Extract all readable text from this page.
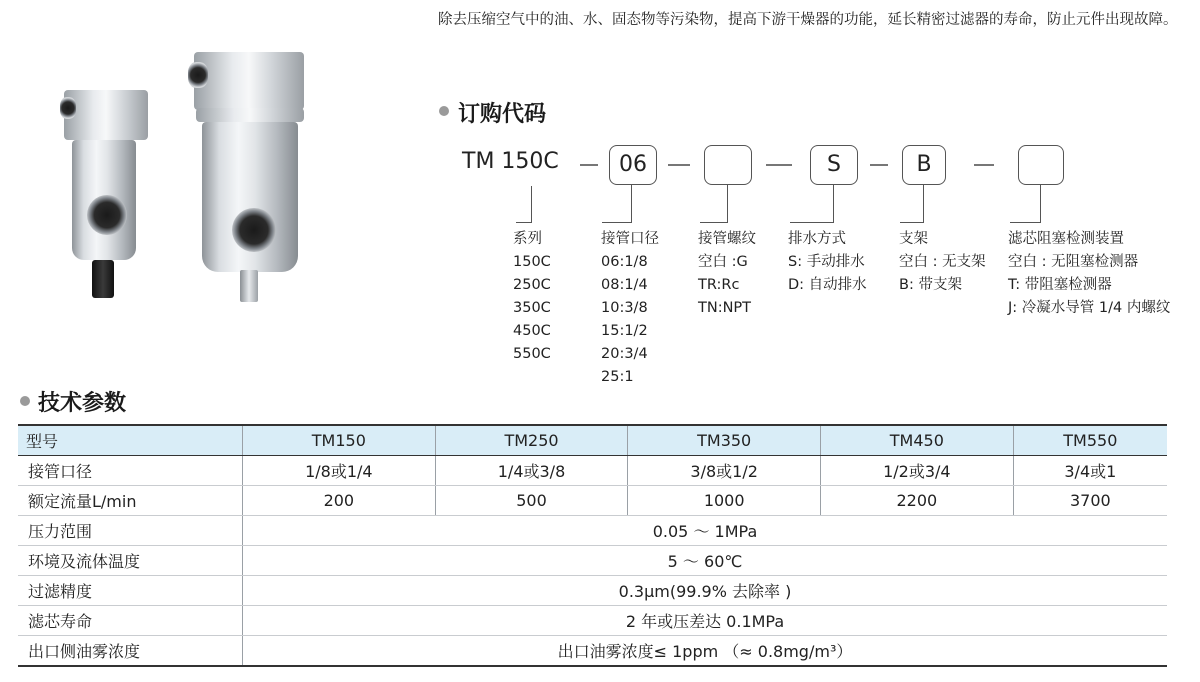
除去压缩空气中的油、水、固态物等污染物，提高下游干燥器的功能，延长精密过滤器的寿命，防止元件出现故障。
订购代码
TM 150C	06	S	B
系列
150C
250C
350C
450C
550C
接管口径
06:1/8
08:1/4
10:3/8
15:1/2
20:3/4
25:1
接管螺纹
空白 :G
TR:Rc
TN:NPT
排水方式
S: 手动排水
D: 自动排水
支架
空白 : 无支架
B: 带支架
滤芯阻塞检测装置
空白 : 无阻塞检测器
T: 带阻塞检测器
J: 冷凝水导管 1/4 内螺纹
技术参数
型号	TM150	TM250	TM350	TM450	TM550
接管口径	1/8或1/4	1/4或3/8	3/8或1/2	1/2或3/4	3/4或1
额定流量L/min	200	500	1000	2200	3700
压力范围	0.05 ～ 1MPa				
环境及流体温度	5 ～ 60℃				
过滤精度	0.3μm(99.9% 去除率 )				
滤芯寿命	2 年或压差达 0.1MPa				
出口侧油雾浓度	出口油雾浓度≤ 1ppm （≈ 0.8mg/m³）				
